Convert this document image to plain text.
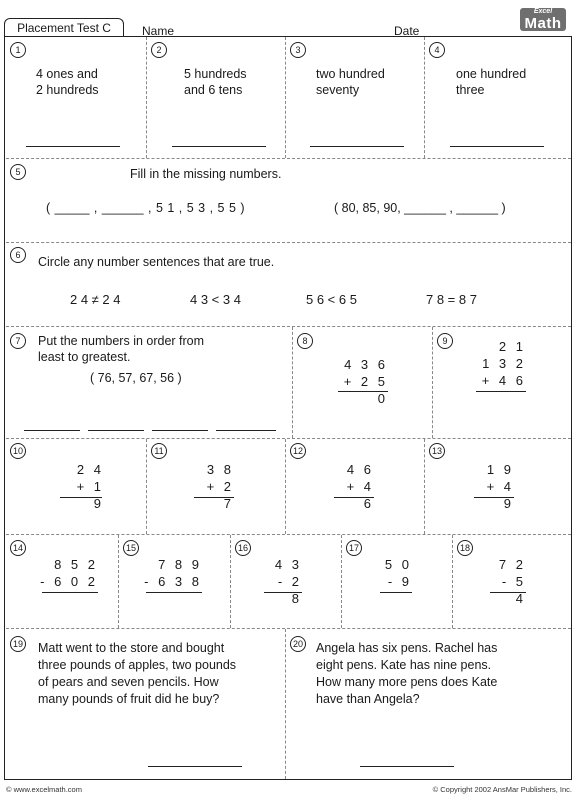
Placement Test C	Name	Date
Excel
Math
1
4 ones and
2 hundreds
2
5 hundreds
and 6 tens
3
two hundred
seventy
4
one hundred
three
5	Fill in the missing numbers.
( _____ , ______ , 5 1 , 5 3 , 5 5 )	( 80, 85, 90, ______ , ______ )
6	Circle any number sentences that are true.
2 4 ≠ 2 4	4 3 < 3 4	5 6 < 6 5	7 8 = 8 7
7	Put the numbers in order from
least to greatest.
( 76, 57, 67, 56 )
8
4 3 6
+ 2 5 0
9	2 1
1 3 2
+ 4 6
10
2 4
+ 1 9
11
3 8
+ 2 7
12
4 6
+ 4 6
13
1 9
+ 4 9
14
8 5 2
- 6 0 2
15
7 8 9
- 6 3 8
16
4 3
- 2 8
17
5 0
- 9
18
7 2
- 5 4
19 Matt went to the store and bought
three pounds of apples, two pounds
of pears and seven pencils. How
many pounds of fruit did he buy?
20 Angela has six pens. Rachel has
eight pens. Kate has nine pens.
How many more pens does Kate
have than Angela?
© www.excelmath.com	© Copyright 2002 AnsMar Publishers, Inc.
